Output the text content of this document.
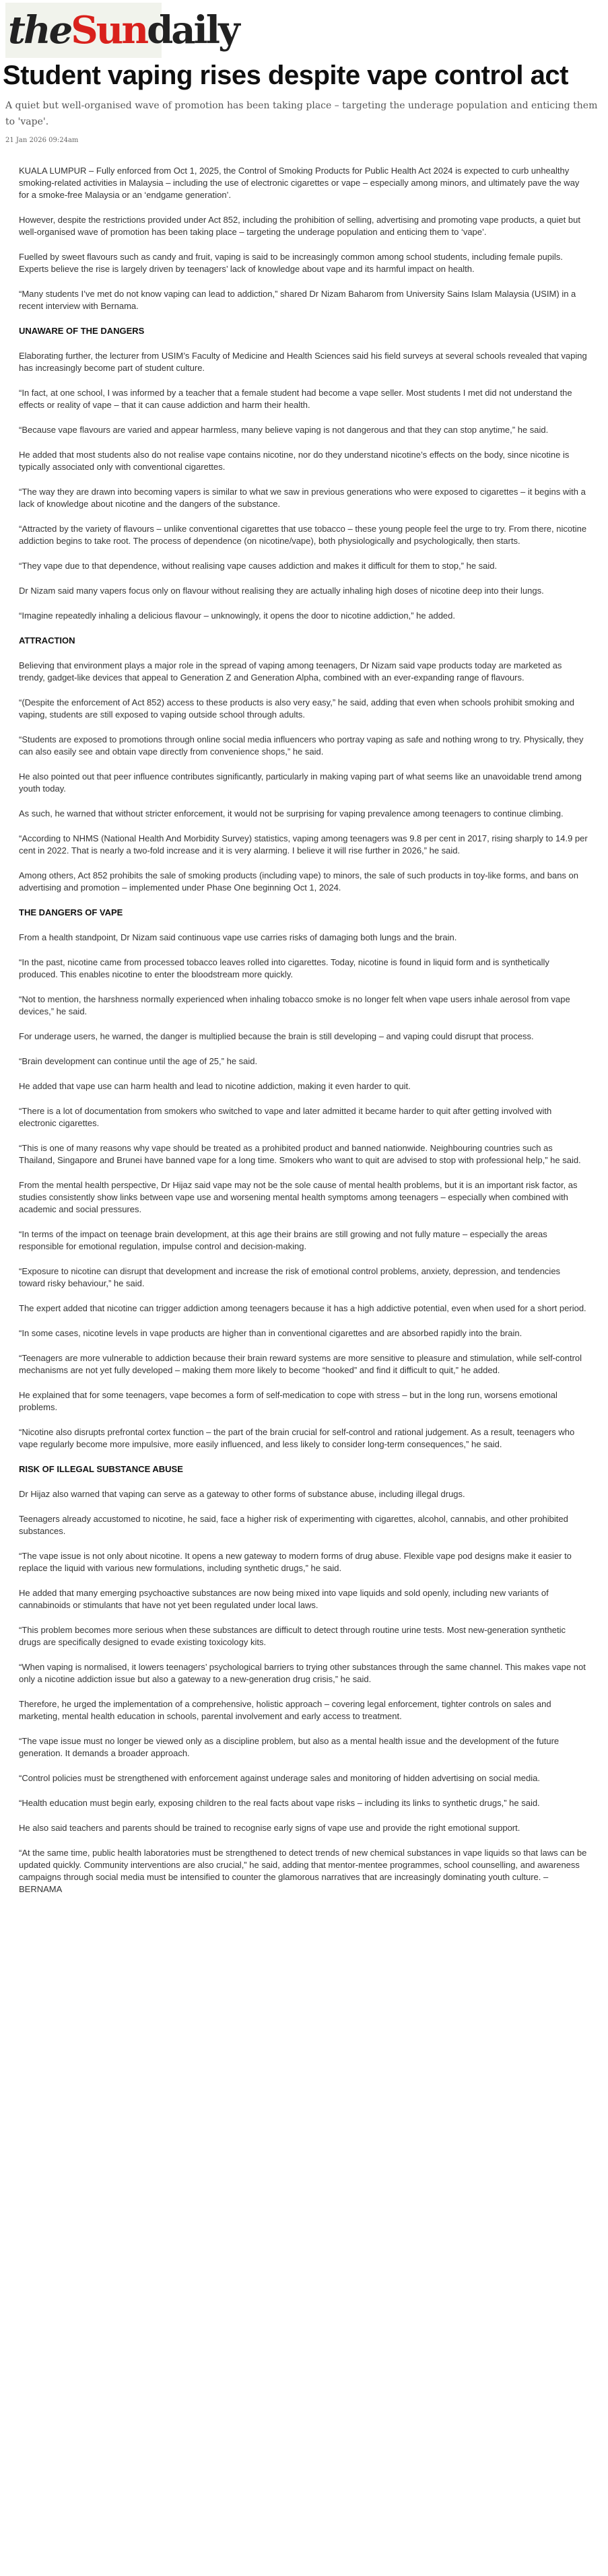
the Sun daily
Student vaping rises despite vape control act

A quiet but well-organised wave of promotion has been taking place – targeting the underage population and enticing them to 'vape'.

21 Jan 2026 09:24am

KUALA LUMPUR – Fully enforced from Oct 1, 2025, the Control of Smoking Products for Public Health Act 2024 is expected to curb unhealthy smoking-related activities in Malaysia – including the use of electronic cigarettes or vape – especially among minors, and ultimately pave the way for a smoke-free Malaysia or an ‘endgame generation’.

However, despite the restrictions provided under Act 852, including the prohibition of selling, advertising and promoting vape products, a quiet but well-organised wave of promotion has been taking place – targeting the underage population and enticing them to ‘vape’.

Fuelled by sweet flavours such as candy and fruit, vaping is said to be increasingly common among school students, including female pupils. Experts believe the rise is largely driven by teenagers’ lack of knowledge about vape and its harmful impact on health.

“Many students I’ve met do not know vaping can lead to addiction,” shared Dr Nizam Baharom from University Sains Islam Malaysia (USIM) in a recent interview with Bernama.

UNAWARE OF THE DANGERS

Elaborating further, the lecturer from USIM’s Faculty of Medicine and Health Sciences said his field surveys at several schools revealed that vaping has increasingly become part of student culture.

“In fact, at one school, I was informed by a teacher that a female student had become a vape seller. Most students I met did not understand the effects or reality of vape – that it can cause addiction and harm their health.

“Because vape flavours are varied and appear harmless, many believe vaping is not dangerous and that they can stop anytime,” he said.

He added that most students also do not realise vape contains nicotine, nor do they understand nicotine’s effects on the body, since nicotine is typically associated only with conventional cigarettes.

“The way they are drawn into becoming vapers is similar to what we saw in previous generations who were exposed to cigarettes – it begins with a lack of knowledge about nicotine and the dangers of the substance.

“Attracted by the variety of flavours – unlike conventional cigarettes that use tobacco – these young people feel the urge to try. From there, nicotine addiction begins to take root. The process of dependence (on nicotine/vape), both physiologically and psychologically, then starts.

“They vape due to that dependence, without realising vape causes addiction and makes it difficult for them to stop,” he said.

Dr Nizam said many vapers focus only on flavour without realising they are actually inhaling high doses of nicotine deep into their lungs.

“Imagine repeatedly inhaling a delicious flavour – unknowingly, it opens the door to nicotine addiction,” he added.

ATTRACTION

Believing that environment plays a major role in the spread of vaping among teenagers, Dr Nizam said vape products today are marketed as trendy, gadget-like devices that appeal to Generation Z and Generation Alpha, combined with an ever-expanding range of flavours.

“(Despite the enforcement of Act 852) access to these products is also very easy,” he said, adding that even when schools prohibit smoking and vaping, students are still exposed to vaping outside school through adults.

“Students are exposed to promotions through online social media influencers who portray vaping as safe and nothing wrong to try. Physically, they can also easily see and obtain vape directly from convenience shops,” he said.

He also pointed out that peer influence contributes significantly, particularly in making vaping part of what seems like an unavoidable trend among youth today.

As such, he warned that without stricter enforcement, it would not be surprising for vaping prevalence among teenagers to continue climbing.

“According to NHMS (National Health And Morbidity Survey) statistics, vaping among teenagers was 9.8 per cent in 2017, rising sharply to 14.9 per cent in 2022. That is nearly a two-fold increase and it is very alarming. I believe it will rise further in 2026,” he said.

Among others, Act 852 prohibits the sale of smoking products (including vape) to minors, the sale of such products in toy-like forms, and bans on advertising and promotion – implemented under Phase One beginning Oct 1, 2024.

THE DANGERS OF VAPE

From a health standpoint, Dr Nizam said continuous vape use carries risks of damaging both lungs and the brain.

“In the past, nicotine came from processed tobacco leaves rolled into cigarettes. Today, nicotine is found in liquid form and is synthetically produced. This enables nicotine to enter the bloodstream more quickly.

“Not to mention, the harshness normally experienced when inhaling tobacco smoke is no longer felt when vape users inhale aerosol from vape devices,” he said.

For underage users, he warned, the danger is multiplied because the brain is still developing – and vaping could disrupt that process.

“Brain development can continue until the age of 25,” he said.

He added that vape use can harm health and lead to nicotine addiction, making it even harder to quit.

“There is a lot of documentation from smokers who switched to vape and later admitted it became harder to quit after getting involved with electronic cigarettes.

“This is one of many reasons why vape should be treated as a prohibited product and banned nationwide. Neighbouring countries such as Thailand, Singapore and Brunei have banned vape for a long time. Smokers who want to quit are advised to stop with professional help,” he said.

From the mental health perspective, Dr Hijaz said vape may not be the sole cause of mental health problems, but it is an important risk factor, as studies consistently show links between vape use and worsening mental health symptoms among teenagers – especially when combined with academic and social pressures.

“In terms of the impact on teenage brain development, at this age their brains are still growing and not fully mature – especially the areas responsible for emotional regulation, impulse control and decision-making.

“Exposure to nicotine can disrupt that development and increase the risk of emotional control problems, anxiety, depression, and tendencies toward risky behaviour,” he said.

The expert added that nicotine can trigger addiction among teenagers because it has a high addictive potential, even when used for a short period.

“In some cases, nicotine levels in vape products are higher than in conventional cigarettes and are absorbed rapidly into the brain.

“Teenagers are more vulnerable to addiction because their brain reward systems are more sensitive to pleasure and stimulation, while self-control mechanisms are not yet fully developed – making them more likely to become “hooked” and find it difficult to quit,” he added.

He explained that for some teenagers, vape becomes a form of self-medication to cope with stress – but in the long run, worsens emotional problems.

“Nicotine also disrupts prefrontal cortex function – the part of the brain crucial for self-control and rational judgement. As a result, teenagers who vape regularly become more impulsive, more easily influenced, and less likely to consider long-term consequences,” he said.

RISK OF ILLEGAL SUBSTANCE ABUSE

Dr Hijaz also warned that vaping can serve as a gateway to other forms of substance abuse, including illegal drugs.

Teenagers already accustomed to nicotine, he said, face a higher risk of experimenting with cigarettes, alcohol, cannabis, and other prohibited substances.

“The vape issue is not only about nicotine. It opens a new gateway to modern forms of drug abuse. Flexible vape pod designs make it easier to replace the liquid with various new formulations, including synthetic drugs,” he said.

He added that many emerging psychoactive substances are now being mixed into vape liquids and sold openly, including new variants of cannabinoids or stimulants that have not yet been regulated under local laws.

“This problem becomes more serious when these substances are difficult to detect through routine urine tests. Most new-generation synthetic drugs are specifically designed to evade existing toxicology kits.

“When vaping is normalised, it lowers teenagers’ psychological barriers to trying other substances through the same channel. This makes vape not only a nicotine addiction issue but also a gateway to a new-generation drug crisis,” he said.

Therefore, he urged the implementation of a comprehensive, holistic approach – covering legal enforcement, tighter controls on sales and marketing, mental health education in schools, parental involvement and early access to treatment.

“The vape issue must no longer be viewed only as a discipline problem, but also as a mental health issue and the development of the future generation. It demands a broader approach.

“Control policies must be strengthened with enforcement against underage sales and monitoring of hidden advertising on social media.

“Health education must begin early, exposing children to the real facts about vape risks – including its links to synthetic drugs,” he said.

He also said teachers and parents should be trained to recognise early signs of vape use and provide the right emotional support.

“At the same time, public health laboratories must be strengthened to detect trends of new chemical substances in vape liquids so that laws can be updated quickly. Community interventions are also crucial,” he said, adding that mentor-mentee programmes, school counselling, and awareness campaigns through social media must be intensified to counter the glamorous narratives that are increasingly dominating youth culture. – BERNAMA
